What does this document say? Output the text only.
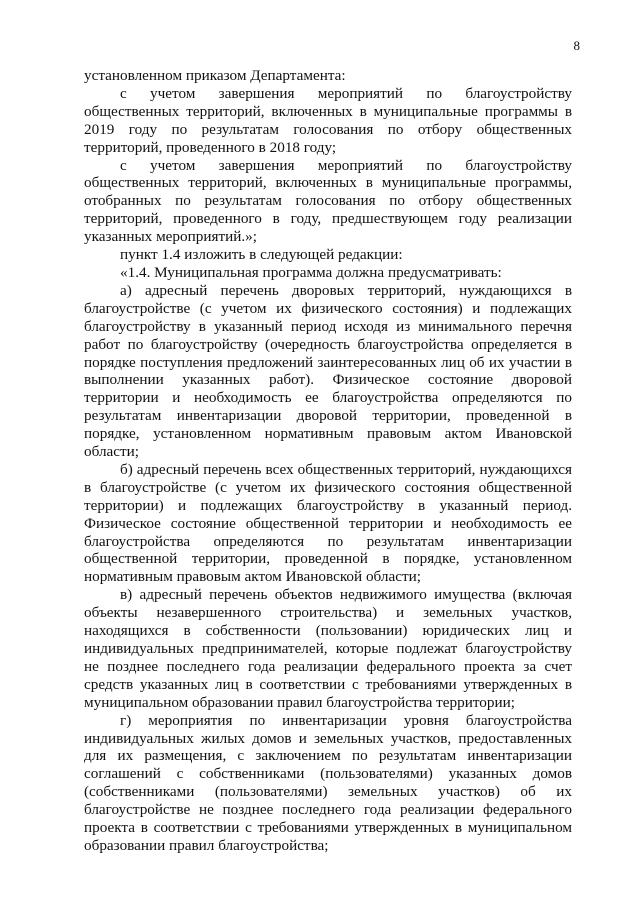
8

установленном приказом Департамента:

с учетом завершения мероприятий по благоустройству общественных территорий, включенных в муниципальные программы в 2019 году по результатам голосования по отбору общественных территорий, проведенного в 2018 году;

с учетом завершения мероприятий по благоустройству общественных территорий, включенных в муниципальные программы, отобранных по результатам голосования по отбору общественных территорий, проведенного в году, предшествующем году реализации указанных мероприятий.»;

пункт 1.4 изложить в следующей редакции:

«1.4. Муниципальная программа должна предусматривать:

а) адресный перечень дворовых территорий, нуждающихся в благоустройстве (с учетом их физического состояния) и подлежащих благоустройству в указанный период исходя из минимального перечня работ по благоустройству (очередность благоустройства определяется в порядке поступления предложений заинтересованных лиц об их участии в выполнении указанных работ). Физическое состояние дворовой территории и необходимость ее благоустройства определяются по результатам инвентаризации дворовой территории, проведенной в порядке, установленном нормативным правовым актом Ивановской области;

б) адресный перечень всех общественных территорий, нуждающихся в благоустройстве (с учетом их физического состояния общественной территории) и подлежащих благоустройству в указанный период. Физическое состояние общественной территории и необходимость ее благоустройства определяются по результатам инвентаризации общественной территории, проведенной в порядке, установленном нормативным правовым актом Ивановской области;

в) адресный перечень объектов недвижимого имущества (включая объекты незавершенного строительства) и земельных участков, находящихся в собственности (пользовании) юридических лиц и индивидуальных предпринимателей, которые подлежат благоустройству не позднее последнего года реализации федерального проекта за счет средств указанных лиц в соответствии с требованиями утвержденных в муниципальном образовании правил благоустройства территории;

г) мероприятия по инвентаризации уровня благоустройства индивидуальных жилых домов и земельных участков, предоставленных для их размещения, с заключением по результатам инвентаризации соглашений с собственниками (пользователями) указанных домов (собственниками (пользователями) земельных участков) об их благоустройстве не позднее последнего года реализации федерального проекта в соответствии с требованиями утвержденных в муниципальном образовании правил благоустройства;
